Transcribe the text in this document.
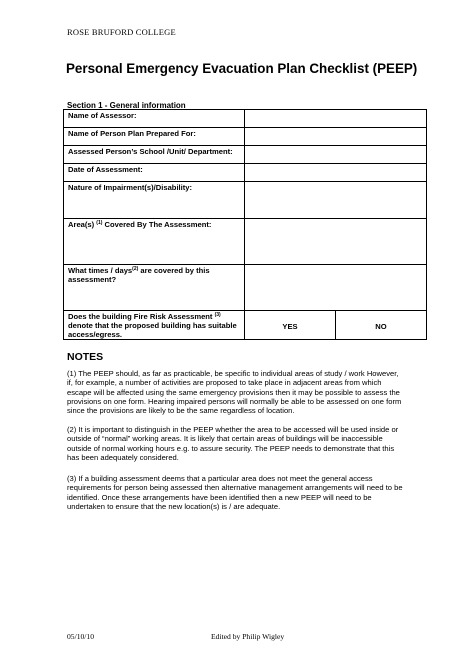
ROSE BRUFORD COLLEGE
Personal Emergency Evacuation Plan Checklist (PEEP)
Section 1 - General information
Name of Assessor:		
Name of Person Plan Prepared For:		
Assessed Person’s School /Unit/ Department:		
Date of Assessment:		
Nature of Impairment(s)/Disability:		
Area(s) $^{(1)}$ Covered By The Assessment:		
What times / days$^{(2)}$ are covered by this assessment?		
Does the building Fire Risk Assessment $^{(3)}$ denote that the proposed building has suitable access/egress.	YES	NO
NOTES
(1) The PEEP should, as far as practicable, be specific to individual areas of study / work However,
if, for example, a number of activities are proposed to take place in adjacent areas from which
escape will be affected using the same emergency provisions then it may be possible to assess the
provisions on one form. Hearing impaired persons will normally be able to be assessed on one form
since the provisions are likely to be the same regardless of location.
(2) It is important to distinguish in the PEEP whether the area to be accessed will be used inside or
outside of “normal” working areas. It is likely that certain areas of buildings will be inaccessible
outside of normal working hours e.g. to assure security. The PEEP needs to demonstrate that this
has been adequately considered.
(3) If a building assessment deems that a particular area does not meet the general access
requirements for person being assessed then alternative management arrangements will need to be
identified. Once these arrangements have been identified then a new PEEP will need to be
undertaken to ensure that the new location(s) is / are adequate.
05/10/10	Edited by Philip Wigley
